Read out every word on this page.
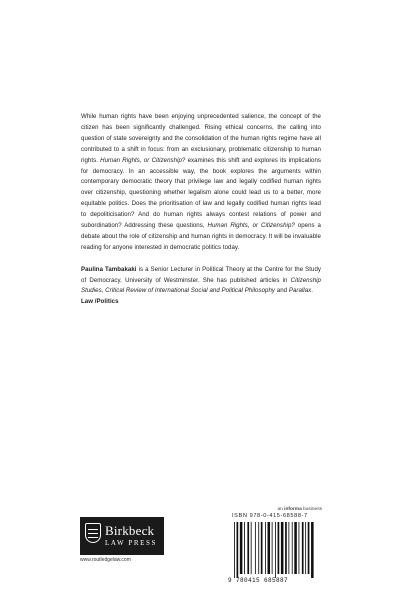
While human rights have been enjoying unprecedented salience, the concept of the citizen has been significantly challenged. Rising ethical concerns, the calling into question of state sovereignty and the consolidation of the human rights regime have all contributed to a shift in focus: from an exclusionary, problematic citizenship to human rights. Human Rights, or Citizenship? examines this shift and explores its implications for democracy. In an accessible way, the book explores the arguments within contemporary democratic theory that privilege law and legally codified human rights over citizenship, questioning whether legalism alone could lead us to a better, more equitable politics. Does the prioritisation of law and legally codified human rights lead to depoliticisation? And do human rights always contest relations of power and subordination? Addressing these questions, Human Rights, or Citizenship? opens a debate about the role of citizenship and human rights in democracy. It will be invaluable reading for anyone interested in democratic politics today.

Paulina Tambakaki is a Senior Lecturer in Political Theory at the Centre for the Study of Democracy, University of Westminster. She has published articles in Citizenship Studies, Critical Review of International Social and Political Philosophy and Parallax.

Law /Politics

Birkbeck
LAW PRESS
www.routledgelaw.com
an informa business
ISBN 978-0-415-68588-7
9 780415 685887
